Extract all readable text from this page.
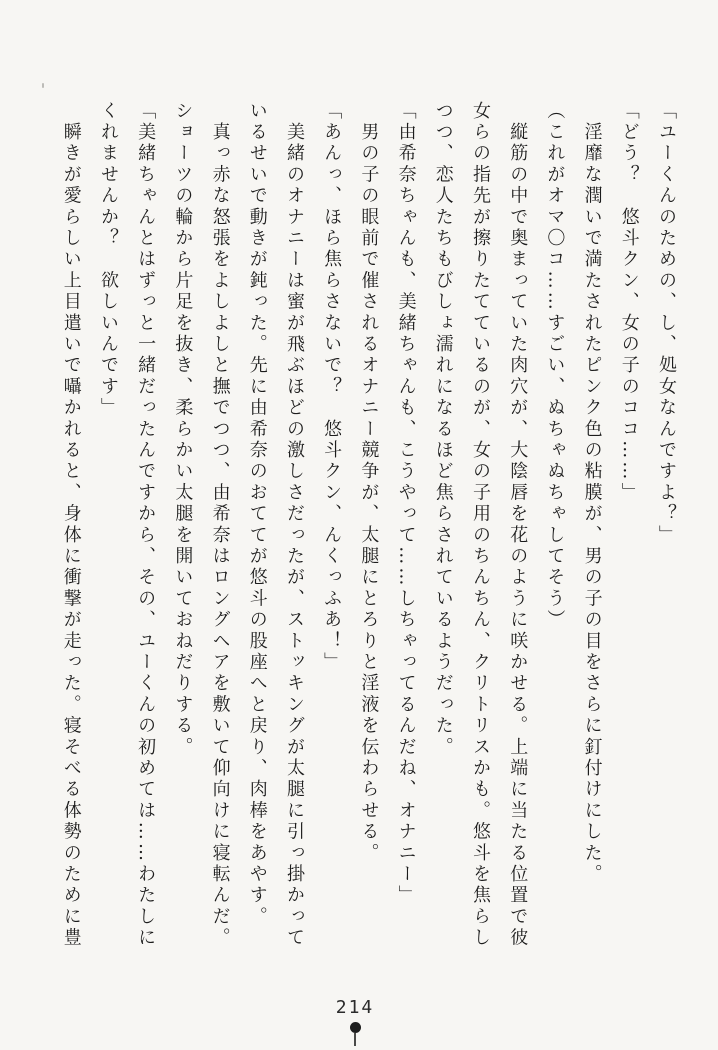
「ユーくんのための、し、処女なんですよ？」

「どう？　悠斗クン、女の子のココ……」

　淫靡な潤いで満たされたピンク色の粘膜が、男の子の目をさらに釘付けにした。

（これがオマ〇コ……すごい、ぬちゃぬちゃしてそう）

　縦筋の中で奥まっていた肉穴が、大陰唇を花のように咲かせる。上端に当たる位置で彼

女らの指先が擦りたてているのが、女の子用のちんちん、クリトリスかも。悠斗を焦らし

つつ、恋人たちもびしょ濡れになるほど焦らされているようだった。

「由希奈ちゃんも、美緒ちゃんも、こうやって……しちゃってるんだね、オナニー」

　男の子の眼前で催されるオナニー競争が、太腿にとろりと淫液を伝わらせる。

「あんっ、ほら焦らさないで？　悠斗クン、んくっふあ！」

　美緒のオナニーは蜜が飛ぶほどの激しさだったが、ストッキングが太腿に引っ掛かって

いるせいで動きが鈍った。先に由希奈のおててが悠斗の股座へと戻り、肉棒をあやす。

　真っ赤な怒張をよしよしと撫でつつ、由希奈はロングヘアを敷いて仰向けに寝転んだ。

ショーツの輪から片足を抜き、柔らかい太腿を開いておねだりする。

「美緒ちゃんとはずっと一緒だったんですから、その、ユーくんの初めては……わたしに

くれませんか？　欲しいんです」

　瞬きが愛らしい上目遣いで囁かれると、身体に衝撃が走った。寝そべる体勢のために豊

214
